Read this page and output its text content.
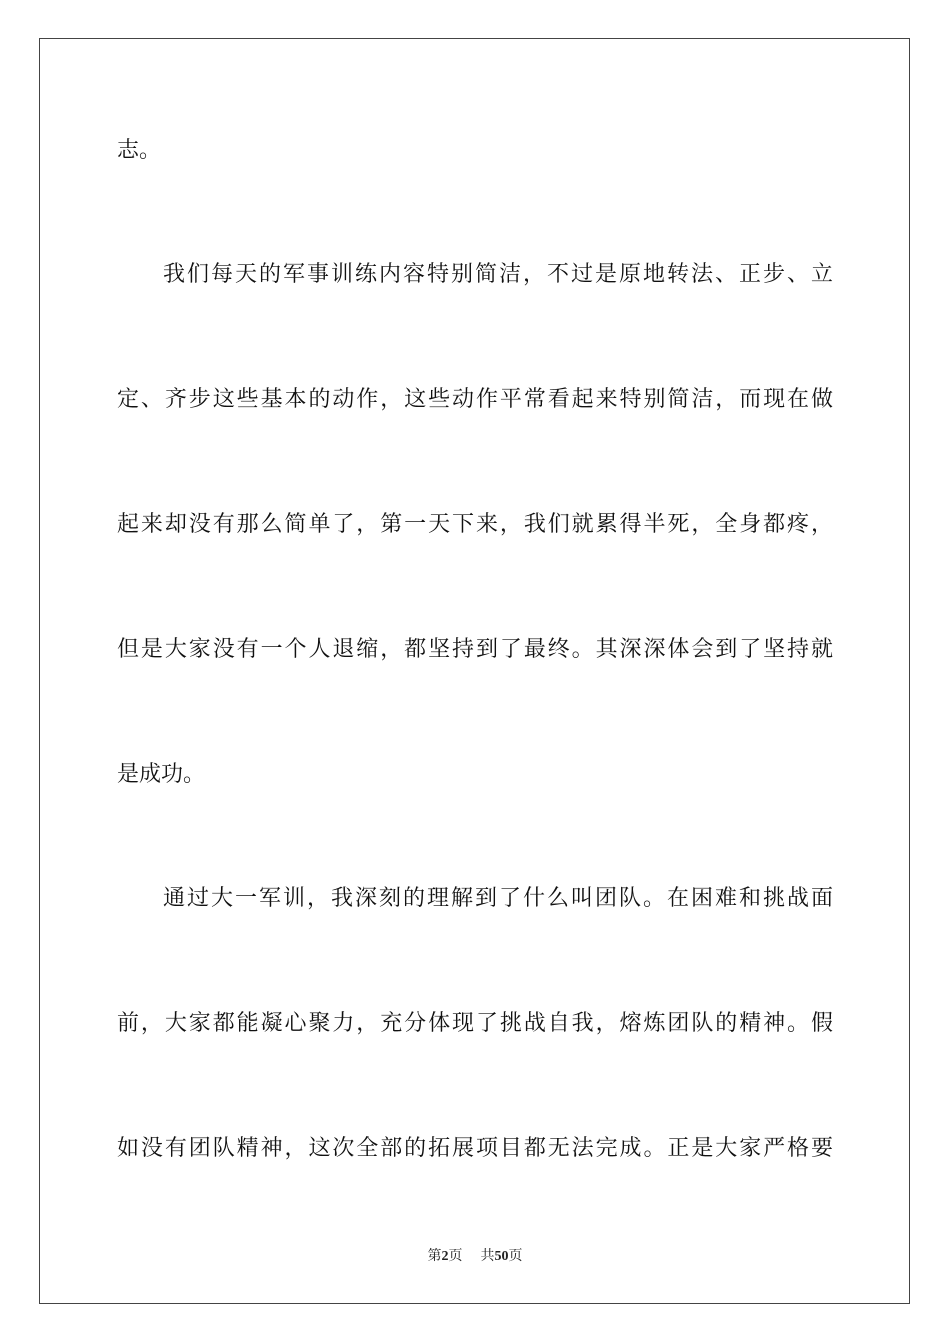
志。
我们每天的军事训练内容特别简洁，不过是原地转法、正步、立
定、齐步这些基本的动作，这些动作平常看起来特别简洁，而现在做
起来却没有那么简单了，第一天下来，我们就累得半死，全身都疼，
但是大家没有一个人退缩，都坚持到了最终。其深深体会到了坚持就
是成功。
通过大一军训，我深刻的理解到了什么叫团队。在困难和挑战面
前，大家都能凝心聚力，充分体现了挑战自我，熔炼团队的精神。假
如没有团队精神，这次全部的拓展项目都无法完成。正是大家严格要
第2页 共50页
